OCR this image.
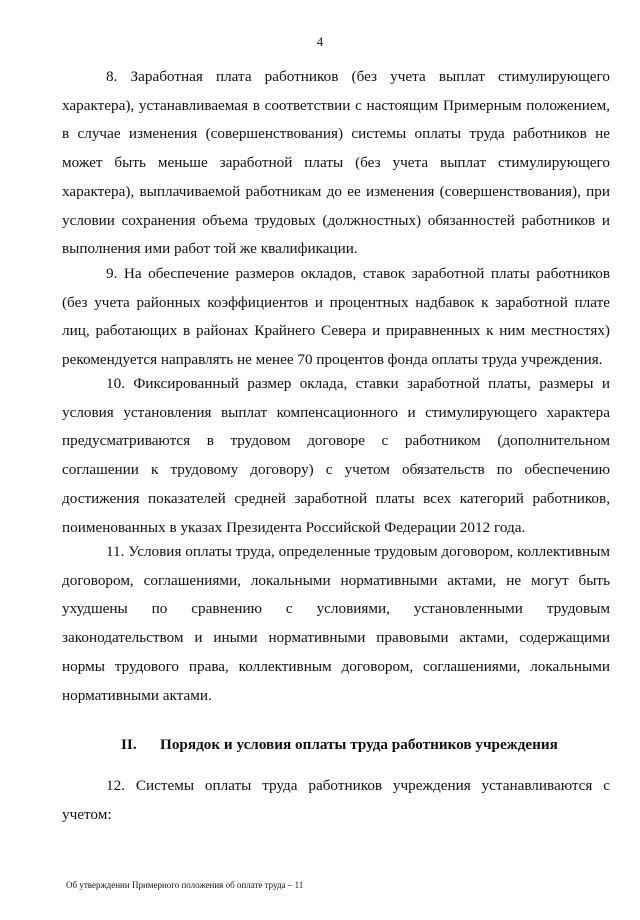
4

8. Заработная плата работников (без учета выплат стимулирующего характера), устанавливаемая в соответствии с настоящим Примерным положением, в случае изменения (совершенствования) системы оплаты труда работников не может быть меньше заработной платы (без учета выплат стимулирующего характера), выплачиваемой работникам до ее изменения (совершенствования), при условии сохранения объема трудовых (должностных) обязанностей работников и выполнения ими работ той же квалификации.

9. На обеспечение размеров окладов, ставок заработной платы работников (без учета районных коэффициентов и процентных надбавок к заработной плате лиц, работающих в районах Крайнего Севера и приравненных к ним местностях) рекомендуется направлять не менее 70 процентов фонда оплаты труда учреждения.

10. Фиксированный размер оклада, ставки заработной платы, размеры и условия установления выплат компенсационного и стимулирующего характера предусматриваются в трудовом договоре с работником (дополнительном соглашении к трудовому договору) с учетом обязательств по обеспечению достижения показателей средней заработной платы всех категорий работников, поименованных в указах Президента Российской Федерации 2012 года.

11. Условия оплаты труда, определенные трудовым договором, коллективным договором, соглашениями, локальными нормативными актами, не могут быть ухудшены по сравнению с условиями, установленными трудовым законодательством и иными нормативными правовыми актами, содержащими нормы трудового права, коллективным договором, соглашениями, локальными нормативными актами.

II. Порядок и условия оплаты труда работников учреждения

12. Системы оплаты труда работников учреждения устанавливаются с учетом:

Об утверждении Примерного положения об оплате труда – 11
